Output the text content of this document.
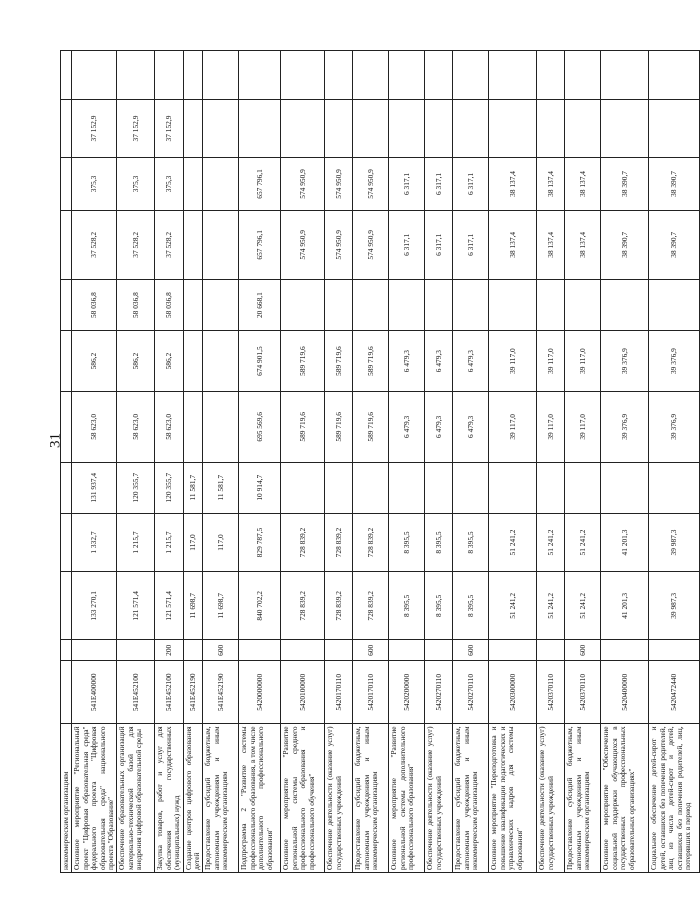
31
некоммерческим организациям												
Основное мероприятие "Региональный проект "Цифровая образовательная среда" федерального проекта "Цифровая образовательная среда" национального проекта "Образование"	541E400000		133 270,1	1 332,7	131 937,4	58 623,0	586,2	58 036,8	37 528,2	375,3	37 152,9	
Обеспечение образовательных организаций материально-технической базой для внедрения цифровой образовательной среды	541E452100		121 571,4	1 215,7	120 355,7	58 623,0	586,2	58 036,8	37 528,2	375,3	37 152,9	
Закупка товаров, работ и услуг для обеспечения государственных (муниципальных) нужд	541E452100	200	121 571,4	1 215,7	120 355,7	58 623,0	586,2	58 036,8	37 528,2	375,3	37 152,9	
Создание центров цифрового образования детей	541E452190		11 698,7	117,0	11 581,7							
Предоставление субсидий бюджетным, автономным учреждениям и иным некоммерческим организациям	541E452190	600	11 698,7	117,0	11 581,7							
Подпрограмма 2 "Развитие системы профессионального образования, в том числе дополнительного профессионального образования"	5420000000		840 702,2	829 787,5	10 914,7	695 569,6	674 901,5	20 668,1	657 796,1	657 796,1		
Основное мероприятие "Развитие региональной системы среднего профессионального образования и профессионального обучения"	5420100000		728 839,2	728 839,2		589 719,6	589 719,6		574 950,9	574 950,9		
Обеспечение деятельности (оказание услуг) государственных учреждений	5420170110		728 839,2	728 839,2		589 719,6	589 719,6		574 950,9	574 950,9		
Предоставление субсидий бюджетным, автономным учреждениям и иным некоммерческим организациям	5420170110	600	728 839,2	728 839,2		589 719,6	589 719,6		574 950,9	574 950,9		
Основное мероприятие "Развитие региональной системы дополнительного профессионального образования"	5420200000		8 395,5	8 395,5		6 479,3	6 479,3		6 317,1	6 317,1		
Обеспечение деятельности (оказание услуг) государственных учреждений	5420270110		8 395,5	8 395,5		6 479,3	6 479,3		6 317,1	6 317,1		
Предоставление субсидий бюджетным, автономным учреждениям и иным некоммерческим организациям	5420270110	600	8 395,5	8 395,5		6 479,3	6 479,3		6 317,1	6 317,1		
Основное мероприятие "Переподготовка и повышение квалификации педагогических и управленческих кадров для системы образования"	5420300000		51 241,2	51 241,2		39 117,0	39 117,0		38 137,4	38 137,4		
Обеспечение деятельности (оказание услуг) государственных учреждений	5420370110		51 241,2	51 241,2		39 117,0	39 117,0		38 137,4	38 137,4		
Предоставление субсидий бюджетным, автономным учреждениям и иным некоммерческим организациям	5420370110	600	51 241,2	51 241,2		39 117,0	39 117,0		38 137,4	38 137,4		
Основное мероприятие "Обеспечение социальной поддержки обучающихся в государственных профессиональных образовательных организациях"	5420400000		41 201,3	41 201,3		39 376,9	39 376,9		38 390,7	38 390,7		
Социальное обеспечение детей-сирот и детей, оставшихся без попечения родителей, лиц из числа детей-сирот и детей, оставшихся без попечения родителей, лиц, потерявших в период	5420472440		39 987,3	39 987,3		39 376,9	39 376,9		38 390,7	38 390,7		
